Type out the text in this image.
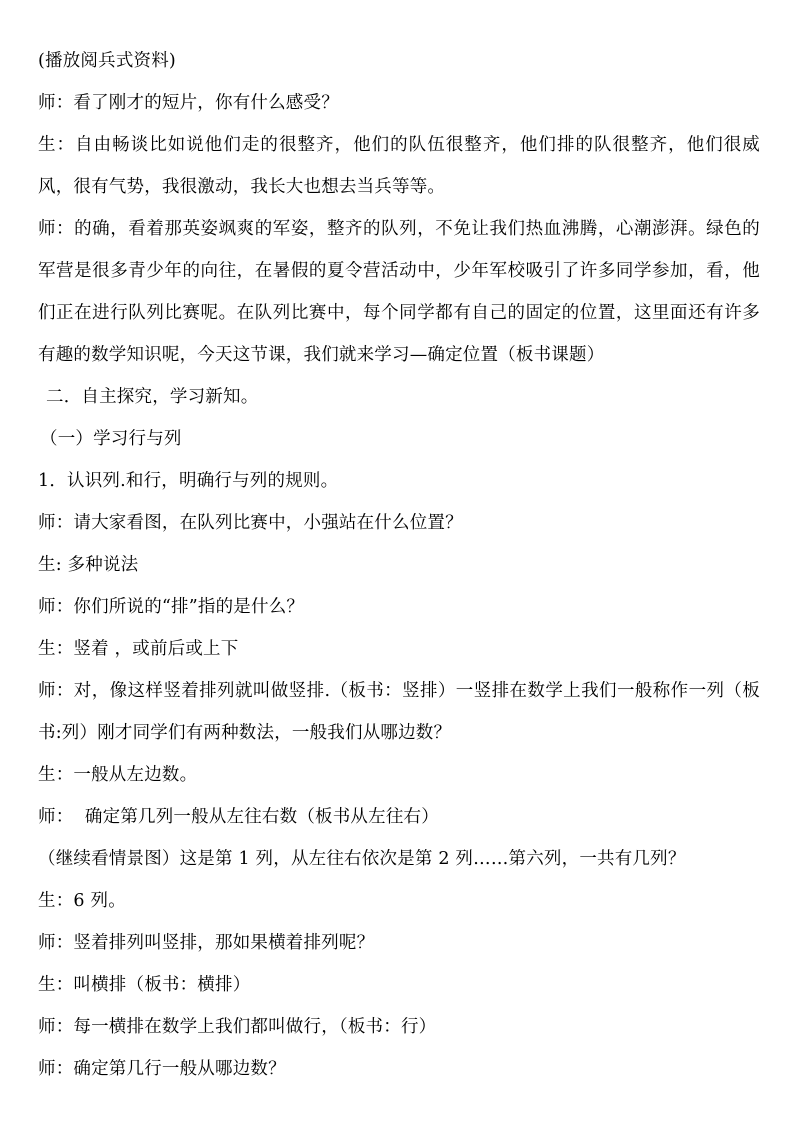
(播放阅兵式资料)
师：看了刚才的短片，你有什么感受？
生：自由畅谈比如说他们走的很整齐，他们的队伍很整齐，他们排的队很整齐，他们很威风，很有气势，我很激动，我长大也想去当兵等等。
师：的确，看着那英姿飒爽的军姿，整齐的队列，不免让我们热血沸腾，心潮澎湃。绿色的军营是很多青少年的向往，在暑假的夏令营活动中，少年军校吸引了许多同学参加，看，他们正在进行队列比赛呢。在队列比赛中，每个同学都有自己的固定的位置，这里面还有许多有趣的数学知识呢，今天这节课，我们就来学习—确定位置（板书课题）
二．自主探究，学习新知。
（一）学习行与列
1．认识列.和行，明确行与列的规则。
师：请大家看图，在队列比赛中，小强站在什么位置？
生: 多种说法
师：你们所说的“排”指的是什么？
生：竖着 ，或前后或上下
师：对，像这样竖着排列就叫做竖排.（板书：竖排）一竖排在数学上我们一般称作一列（板书:列）刚才同学们有两种数法，一般我们从哪边数？
生：一般从左边数。
师：  确定第几列一般从左往右数（板书从左往右）
（继续看情景图）这是第 1 列，从左往右依次是第 2 列……第六列，一共有几列？
生：6 列。
师：竖着排列叫竖排，那如果横着排列呢？
生：叫横排（板书：横排）
师：每一横排在数学上我们都叫做行，（板书：行）
师：确定第几行一般从哪边数？
